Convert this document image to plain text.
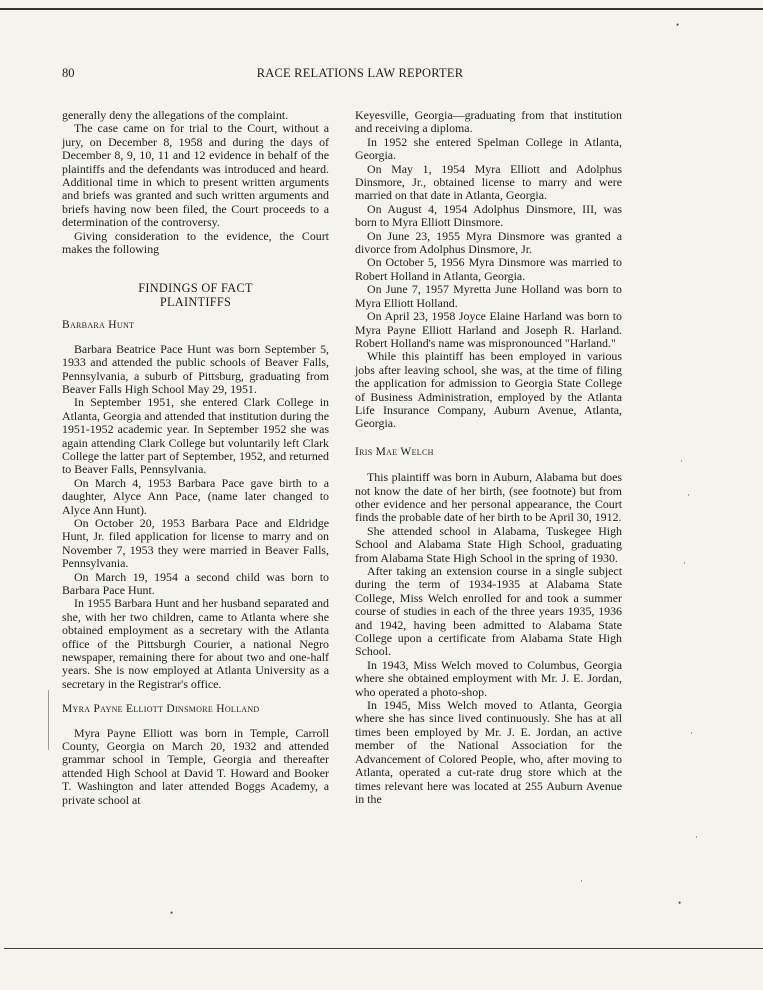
80	RACE RELATIONS LAW REPORTER

generally deny the allegations of the complaint.

The case came on for trial to the Court, without a jury, on December 8, 1958 and during the days of December 8, 9, 10, 11 and 12 evidence in behalf of the plaintiffs and the defendants was introduced and heard. Additional time in which to present written arguments and briefs was granted and such written arguments and briefs having now been filed, the Court proceeds to a determination of the controversy.

Giving consideration to the evidence, the Court makes the following

FINDINGS OF FACT
PLAINTIFFS
Barbara Hunt

Barbara Beatrice Pace Hunt was born September 5, 1933 and attended the public schools of Beaver Falls, Pennsylvania, a suburb of Pittsburg, graduating from Beaver Falls High School May 29, 1951.

In September 1951, she entered Clark College in Atlanta, Georgia and attended that institution during the 1951-1952 academic year. In September 1952 she was again attending Clark College but voluntarily left Clark College the latter part of September, 1952, and returned to Beaver Falls, Pennsylvania.

On March 4, 1953 Barbara Pace gave birth to a daughter, Alyce Ann Pace, (name later changed to Alyce Ann Hunt).

On October 20, 1953 Barbara Pace and Eldridge Hunt, Jr. filed application for license to marry and on November 7, 1953 they were married in Beaver Falls, Pennsylvania.

On March 19, 1954 a second child was born to Barbara Pace Hunt.

In 1955 Barbara Hunt and her husband separated and she, with her two children, came to Atlanta where she obtained employment as a secretary with the Atlanta office of the Pittsburgh Courier, a national Negro newspaper, remaining there for about two and one-half years. She is now employed at Atlanta University as a secretary in the Registrar's office.

Myra Payne Elliott Dinsmore Holland

Myra Payne Elliott was born in Temple, Carroll County, Georgia on March 20, 1932 and attended grammar school in Temple, Georgia and thereafter attended High School at David T. Howard and Booker T. Washington and later attended Boggs Academy, a private school at

Keyesville, Georgia—graduating from that institution and receiving a diploma.

In 1952 she entered Spelman College in Atlanta, Georgia.

On May 1, 1954 Myra Elliott and Adolphus Dinsmore, Jr., obtained license to marry and were married on that date in Atlanta, Georgia.

On August 4, 1954 Adolphus Dinsmore, III, was born to Myra Elliott Dinsmore.

On June 23, 1955 Myra Dinsmore was granted a divorce from Adolphus Dinsmore, Jr.

On October 5, 1956 Myra Dinsmore was married to Robert Holland in Atlanta, Georgia.

On June 7, 1957 Myretta June Holland was born to Myra Elliott Holland.

On April 23, 1958 Joyce Elaine Harland was born to Myra Payne Elliott Harland and Joseph R. Harland. Robert Holland's name was mispronounced "Harland."

While this plaintiff has been employed in various jobs after leaving school, she was, at the time of filing the application for admission to Georgia State College of Business Administration, employed by the Atlanta Life Insurance Company, Auburn Avenue, Atlanta, Georgia.

Iris Mae Welch

This plaintiff was born in Auburn, Alabama but does not know the date of her birth, (see footnote) but from other evidence and her personal appearance, the Court finds the probable date of her birth to be April 30, 1912.

She attended school in Alabama, Tuskegee High School and Alabama State High School, graduating from Alabama State High School in the spring of 1930.

After taking an extension course in a single subject during the term of 1934-1935 at Alabama State College, Miss Welch enrolled for and took a summer course of studies in each of the three years 1935, 1936 and 1942, having been admitted to Alabama State College upon a certificate from Alabama State High School.

In 1943, Miss Welch moved to Columbus, Georgia where she obtained employment with Mr. J. E. Jordan, who operated a photo-shop.

In 1945, Miss Welch moved to Atlanta, Georgia where she has since lived continuously. She has at all times been employed by Mr. J. E. Jordan, an active member of the National Association for the Advancement of Colored People, who, after moving to Atlanta, operated a cut-rate drug store which at the times relevant here was located at 255 Auburn Avenue in the

•
·
·
·
·
·
•
•
·
